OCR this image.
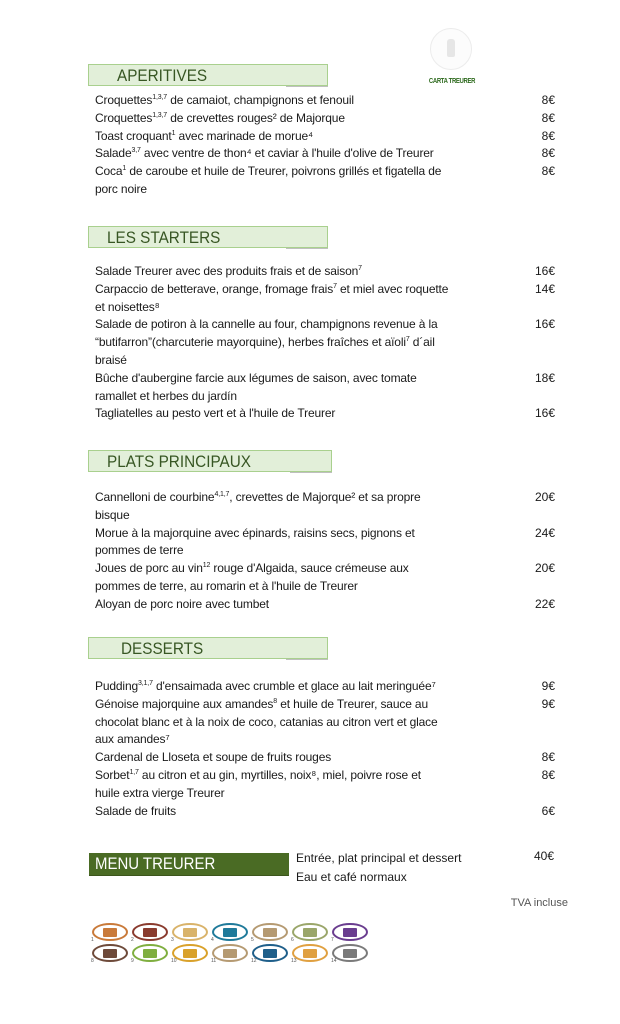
CARTA TREURER
APERITIVES
Croquettes$^{1,3,7}$ de camaiot, champignons et fenouil	8€
Croquettes$^{1,3,7}$ de crevettes rouges² de Majorque	8€
Toast croquant$^1$ avec marinade de morue⁴	8€
Salade$^{3,7}$ avec ventre de thon⁴ et caviar à l'huile d'olive de Treurer	8€
Coca$^1$ de caroube et huile de Treurer, poivrons grillés et figatella de porc noire
8€
LES STARTERS
Salade Treurer avec des produits frais et de saison$^7$	16€
Carpaccio de betterave, orange, fromage frais$^7$ et miel avec roquette et noisettes⁸
14€
Salade de potiron à la cannelle au four, champignons revenue à la “butifarron”(charcuterie mayorquine), herbes fraîches et aïoli$^7$ d´ail braisé
16€
Bûche d'aubergine farcie aux légumes de saison, avec tomate ramallet et herbes du jardín
18€
Tagliatelles au pesto vert et à l'huile de Treurer	16€
PLATS PRINCIPAUX
Cannelloni de courbine$^{4,1,7}$, crevettes de Majorque² et sa propre bisque
20€
Morue à la majorquine avec épinards, raisins secs, pignons et pommes de terre
24€
Joues de porc au vin$^{12}$ rouge d'Algaida, sauce crémeuse aux pommes de terre, au romarin et à l'huile de Treurer
20€
Aloyan de porc noire avec tumbet	22€
DESSERTS
Pudding$^{3,1,7}$ d'ensaimada avec crumble et glace au lait meringuée⁷	9€
Génoise majorquine aux amandes$^8$ et huile de Treurer, sauce au chocolat blanc et à la noix de coco, catanias au citron vert et glace aux amandes⁷
9€
Cardenal de Lloseta et soupe de fruits rouges	8€
Sorbet$^{1,7}$ au citron et au gin, myrtilles, noix⁸, miel, poivre rose et huile extra vierge Treurer
8€
Salade de fruits	6€
MENU TREURER	Entrée, plat principal et dessert
Eau et café normaux
40€
TVA incluse
1	2	3	4	5	6	7
8	9	10	11	12	13	14
